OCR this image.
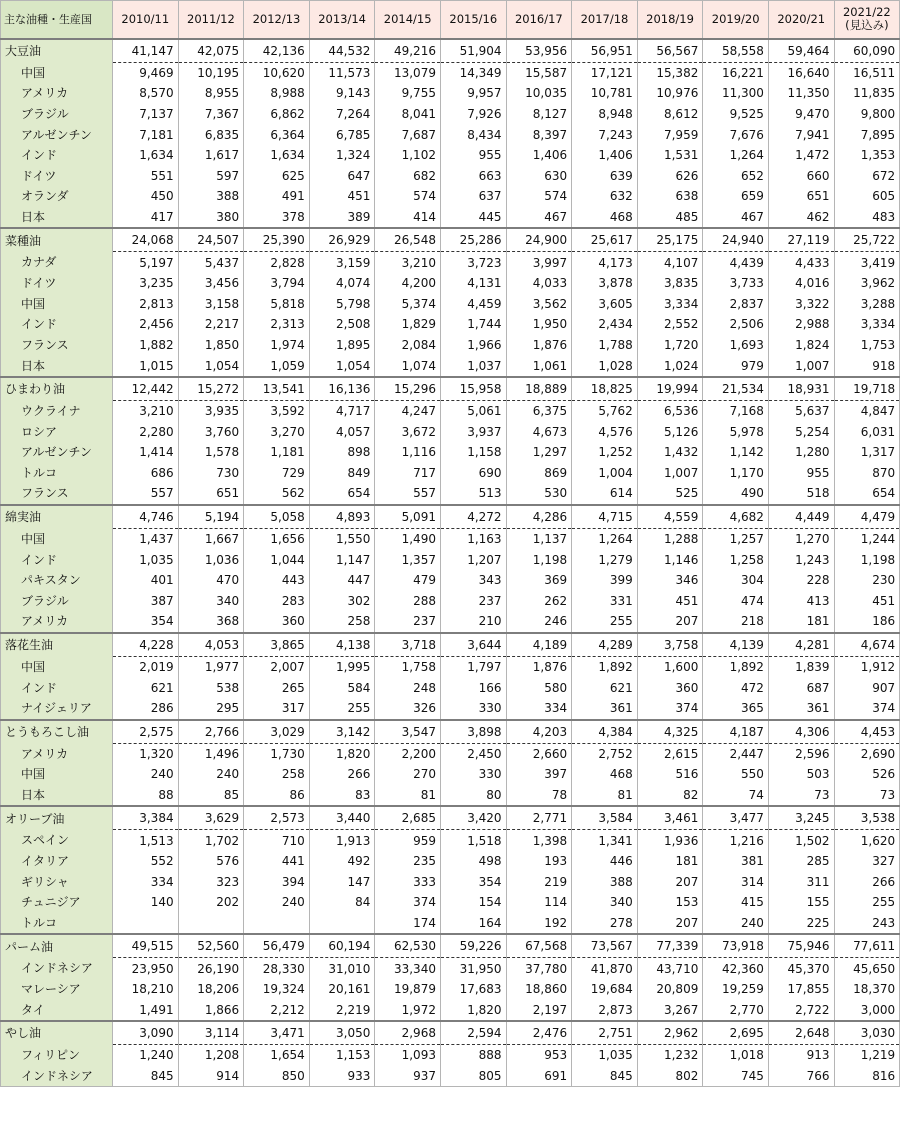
主な油種・生産国	2010/11	2011/12	2012/13	2013/14	2014/15	2015/16	2016/17	2017/18	2018/19	2019/20	2020/21	2021/22
(見込み)
大豆油	41,147	42,075	42,136	44,532	49,216	51,904	53,956	56,951	56,567	58,558	59,464	60,090
中国	9,469	10,195	10,620	11,573	13,079	14,349	15,587	17,121	15,382	16,221	16,640	16,511
アメリカ	8,570	8,955	8,988	9,143	9,755	9,957	10,035	10,781	10,976	11,300	11,350	11,835
ブラジル	7,137	7,367	6,862	7,264	8,041	7,926	8,127	8,948	8,612	9,525	9,470	9,800
アルゼンチン	7,181	6,835	6,364	6,785	7,687	8,434	8,397	7,243	7,959	7,676	7,941	7,895
インド	1,634	1,617	1,634	1,324	1,102	955	1,406	1,406	1,531	1,264	1,472	1,353
ドイツ	551	597	625	647	682	663	630	639	626	652	660	672
オランダ	450	388	491	451	574	637	574	632	638	659	651	605
日本	417	380	378	389	414	445	467	468	485	467	462	483
菜種油	24,068	24,507	25,390	26,929	26,548	25,286	24,900	25,617	25,175	24,940	27,119	25,722
カナダ	5,197	5,437	2,828	3,159	3,210	3,723	3,997	4,173	4,107	4,439	4,433	3,419
ドイツ	3,235	3,456	3,794	4,074	4,200	4,131	4,033	3,878	3,835	3,733	4,016	3,962
中国	2,813	3,158	5,818	5,798	5,374	4,459	3,562	3,605	3,334	2,837	3,322	3,288
インド	2,456	2,217	2,313	2,508	1,829	1,744	1,950	2,434	2,552	2,506	2,988	3,334
フランス	1,882	1,850	1,974	1,895	2,084	1,966	1,876	1,788	1,720	1,693	1,824	1,753
日本	1,015	1,054	1,059	1,054	1,074	1,037	1,061	1,028	1,024	979	1,007	918
ひまわり油	12,442	15,272	13,541	16,136	15,296	15,958	18,889	18,825	19,994	21,534	18,931	19,718
ウクライナ	3,210	3,935	3,592	4,717	4,247	5,061	6,375	5,762	6,536	7,168	5,637	4,847
ロシア	2,280	3,760	3,270	4,057	3,672	3,937	4,673	4,576	5,126	5,978	5,254	6,031
アルゼンチン	1,414	1,578	1,181	898	1,116	1,158	1,297	1,252	1,432	1,142	1,280	1,317
トルコ	686	730	729	849	717	690	869	1,004	1,007	1,170	955	870
フランス	557	651	562	654	557	513	530	614	525	490	518	654
綿実油	4,746	5,194	5,058	4,893	5,091	4,272	4,286	4,715	4,559	4,682	4,449	4,479
中国	1,437	1,667	1,656	1,550	1,490	1,163	1,137	1,264	1,288	1,257	1,270	1,244
インド	1,035	1,036	1,044	1,147	1,357	1,207	1,198	1,279	1,146	1,258	1,243	1,198
パキスタン	401	470	443	447	479	343	369	399	346	304	228	230
ブラジル	387	340	283	302	288	237	262	331	451	474	413	451
アメリカ	354	368	360	258	237	210	246	255	207	218	181	186
落花生油	4,228	4,053	3,865	4,138	3,718	3,644	4,189	4,289	3,758	4,139	4,281	4,674
中国	2,019	1,977	2,007	1,995	1,758	1,797	1,876	1,892	1,600	1,892	1,839	1,912
インド	621	538	265	584	248	166	580	621	360	472	687	907
ナイジェリア	286	295	317	255	326	330	334	361	374	365	361	374
とうもろこし油	2,575	2,766	3,029	3,142	3,547	3,898	4,203	4,384	4,325	4,187	4,306	4,453
アメリカ	1,320	1,496	1,730	1,820	2,200	2,450	2,660	2,752	2,615	2,447	2,596	2,690
中国	240	240	258	266	270	330	397	468	516	550	503	526
日本	88	85	86	83	81	80	78	81	82	74	73	73
オリーブ油	3,384	3,629	2,573	3,440	2,685	3,420	2,771	3,584	3,461	3,477	3,245	3,538
スペイン	1,513	1,702	710	1,913	959	1,518	1,398	1,341	1,936	1,216	1,502	1,620
イタリア	552	576	441	492	235	498	193	446	181	381	285	327
ギリシャ	334	323	394	147	333	354	219	388	207	314	311	266
チュニジア	140	202	240	84	374	154	114	340	153	415	155	255
トルコ					174	164	192	278	207	240	225	243
パーム油	49,515	52,560	56,479	60,194	62,530	59,226	67,568	73,567	77,339	73,918	75,946	77,611
インドネシア	23,950	26,190	28,330	31,010	33,340	31,950	37,780	41,870	43,710	42,360	45,370	45,650
マレーシア	18,210	18,206	19,324	20,161	19,879	17,683	18,860	19,684	20,809	19,259	17,855	18,370
タイ	1,491	1,866	2,212	2,219	1,972	1,820	2,197	2,873	3,267	2,770	2,722	3,000
やし油	3,090	3,114	3,471	3,050	2,968	2,594	2,476	2,751	2,962	2,695	2,648	3,030
フィリピン	1,240	1,208	1,654	1,153	1,093	888	953	1,035	1,232	1,018	913	1,219
インドネシア	845	914	850	933	937	805	691	845	802	745	766	816
